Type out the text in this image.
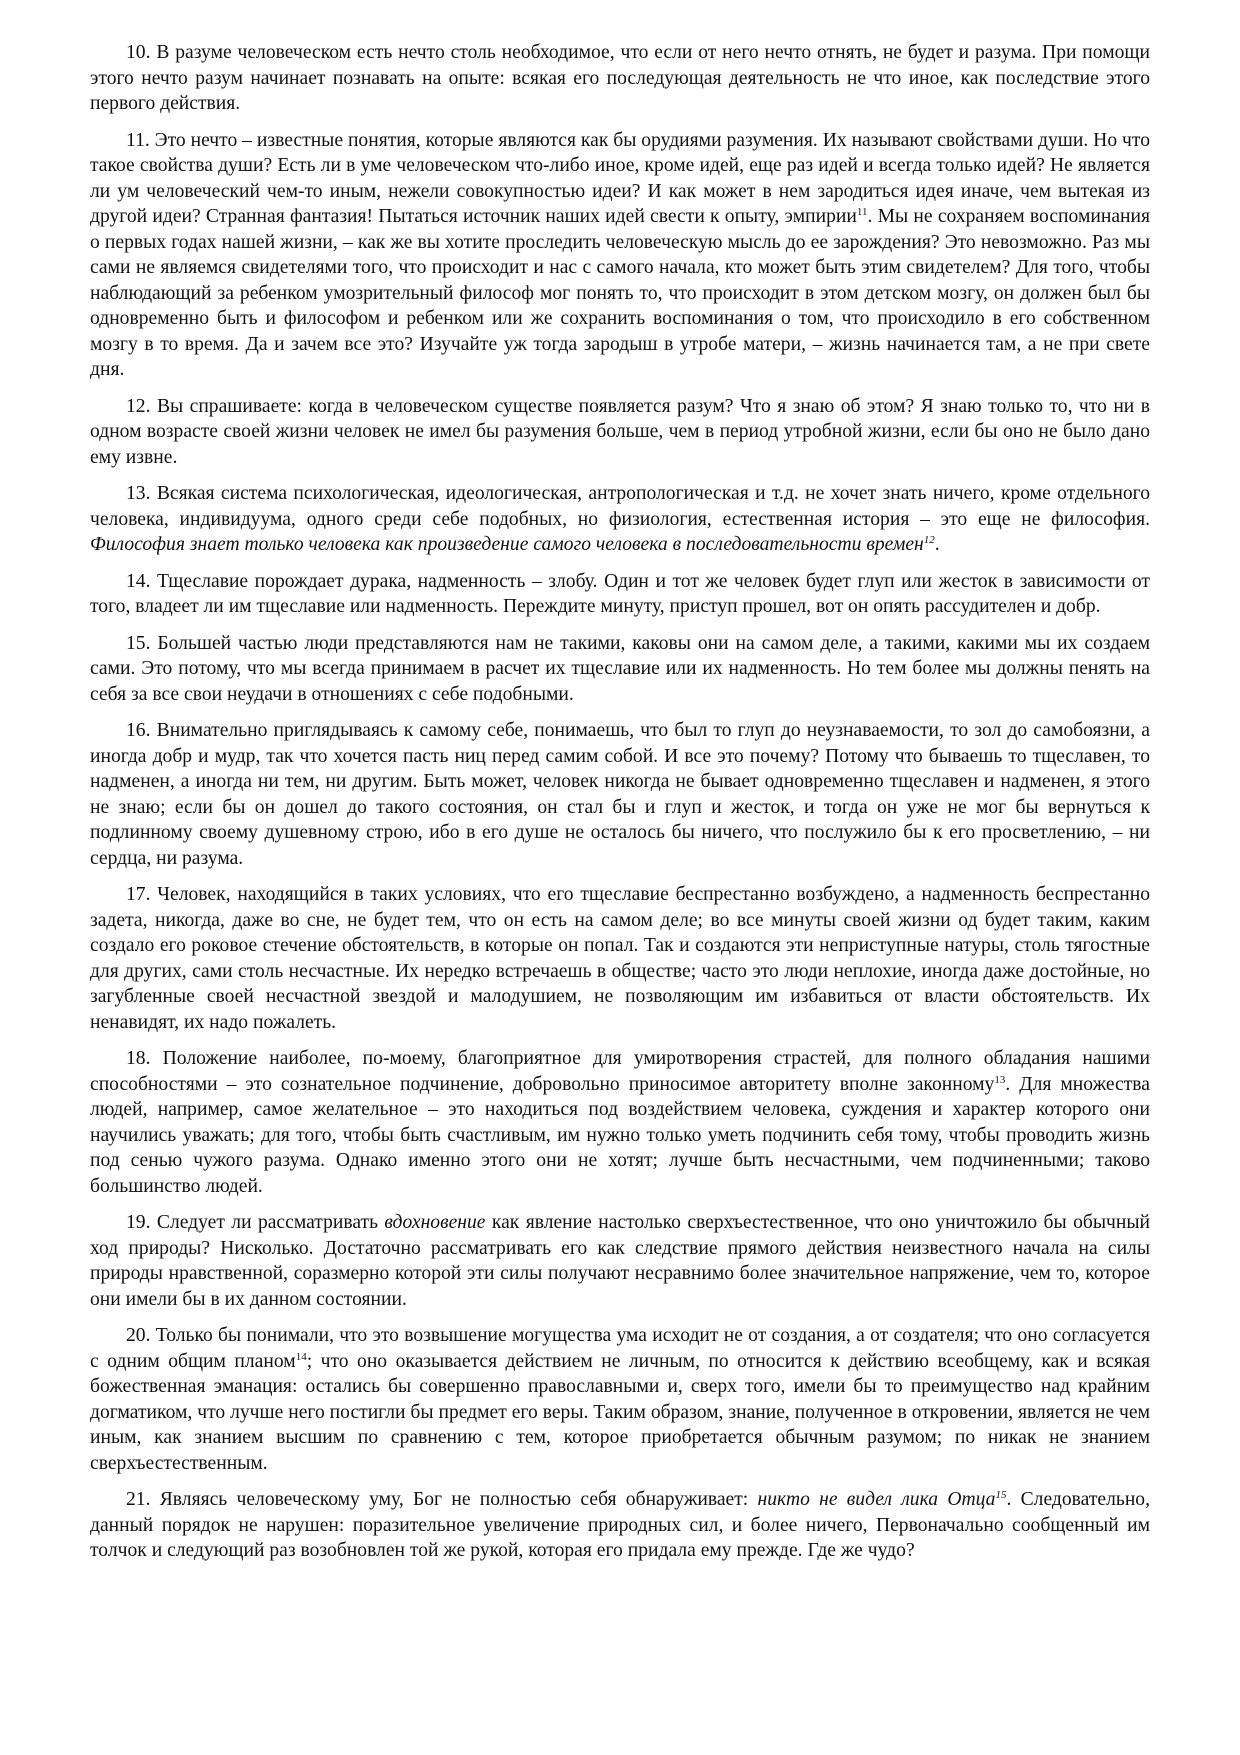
10. В разуме человеческом есть нечто столь необходимое, что если от него нечто отнять, не будет и разума. При помощи этого нечто разум начинает познавать на опыте: всякая его последующая деятельность не что иное, как последствие этого первого действия.

11. Это нечто – известные понятия, которые являются как бы орудиями разумения. Их называют свойствами души. Но что такое свойства души? Есть ли в уме человеческом что-либо иное, кроме идей, еще раз идей и всегда только идей? Не является ли ум человеческий чем-то иным, нежели совокупностью идеи? И как может в нем зародиться идея иначе, чем вытекая из другой идеи? Странная фантазия! Пытаться источник наших идей свести к опыту, эмпирии$^{11}$. Мы не сохраняем воспоминания о первых годах нашей жизни, – как же вы хотите проследить человеческую мысль до ее зарождения? Это невозможно. Раз мы сами не являемся свидетелями того, что происходит и нас с самого начала, кто может быть этим свидетелем? Для того, чтобы наблюдающий за ребенком умозрительный философ мог понять то, что происходит в этом детском мозгу, он должен был бы одновременно быть и философом и ребенком или же сохранить воспоминания о том, что происходило в его собственном мозгу в то время. Да и зачем все это? Изучайте уж тогда зародыш в утробе матери, – жизнь начинается там, а не при свете дня.

12. Вы спрашиваете: когда в человеческом существе появляется разум? Что я знаю об этом? Я знаю только то, что ни в одном возрасте своей жизни человек не имел бы разумения больше, чем в период утробной жизни, если бы оно не было дано ему извне.

13. Всякая система психологическая, идеологическая, антропологическая и т.д. не хочет знать ничего, кроме отдельного человека, индивидуума, одного среди себе подобных, но физиология, естественная история – это еще не философия. Философия знает только человека как произведение самого человека в последовательности времен$^{12}$.

14. Тщеславие порождает дурака, надменность – злобу. Один и тот же человек будет глуп или жесток в зависимости от того, владеет ли им тщеславие или надменность. Переждите минуту, приступ прошел, вот он опять рассудителен и добр.

15. Большей частью люди представляются нам не такими, каковы они на самом деле, а такими, какими мы их создаем сами. Это потому, что мы всегда принимаем в расчет их тщеславие или их надменность. Но тем более мы должны пенять на себя за все свои неудачи в отношениях с себе подобными.

16. Внимательно приглядываясь к самому себе, понимаешь, что был то глуп до неузнаваемости, то зол до самобоязни, а иногда добр и мудр, так что хочется пасть ниц перед самим собой. И все это почему? Потому что бываешь то тщеславен, то надменен, а иногда ни тем, ни другим. Быть может, человек никогда не бывает одновременно тщеславен и надменен, я этого не знаю; если бы он дошел до такого состояния, он стал бы и глуп и жесток, и тогда он уже не мог бы вернуться к подлинному своему душевному строю, ибо в его душе не осталось бы ничего, что послужило бы к его просветлению, – ни сердца, ни разума.

17. Человек, находящийся в таких условиях, что его тщеславие беспрестанно возбуждено, а надменность беспрестанно задета, никогда, даже во сне, не будет тем, что он есть на самом деле; во все минуты своей жизни од будет таким, каким создало его роковое стечение обстоятельств, в которые он попал. Так и создаются эти неприступные натуры, столь тягостные для других, сами столь несчастные. Их нередко встречаешь в обществе; часто это люди неплохие, иногда даже достойные, но загубленные своей несчастной звездой и малодушием, не позволяющим им избавиться от власти обстоятельств. Их ненавидят, их надо пожалеть.

18. Положение наиболее, по-моему, благоприятное для умиротворения страстей, для полного обладания нашими способностями – это сознательное подчинение, добровольно приносимое авторитету вполне законному$^{13}$. Для множества людей, например, самое желательное – это находиться под воздействием человека, суждения и характер которого они научились уважать; для того, чтобы быть счастливым, им нужно только уметь подчинить себя тому, чтобы проводить жизнь под сенью чужого разума. Однако именно этого они не хотят; лучше быть несчастными, чем подчиненными; таково большинство людей.

19. Следует ли рассматривать вдохновение как явление настолько сверхъестественное, что оно уничтожило бы обычный ход природы? Нисколько. Достаточно рассматривать его как следствие прямого действия неизвестного начала на силы природы нравственной, соразмерно которой эти силы получают несравнимо более значительное напряжение, чем то, которое они имели бы в их данном состоянии.

20. Только бы понимали, что это возвышение могущества ума исходит не от создания, а от создателя; что оно согласуется с одним общим планом$^{14}$; что оно оказывается действием не личным, по относится к действию всеобщему, как и всякая божественная эманация: остались бы совершенно православными и, сверх того, имели бы то преимущество над крайним догматиком, что лучше него постигли бы предмет его веры. Таким образом, знание, полученное в откровении, является не чем иным, как знанием высшим по сравнению с тем, которое приобретается обычным разумом; по никак не знанием сверхъестественным.

21. Являясь человеческому уму, Бог не полностью себя обнаруживает: никто не видел лика Отца$^{15}$. Следовательно, данный порядок не нарушен: поразительное увеличение природных сил, и более ничего, Первоначально сообщенный им толчок и следующий раз возобновлен той же рукой, которая его придала ему прежде. Где же чудо?
